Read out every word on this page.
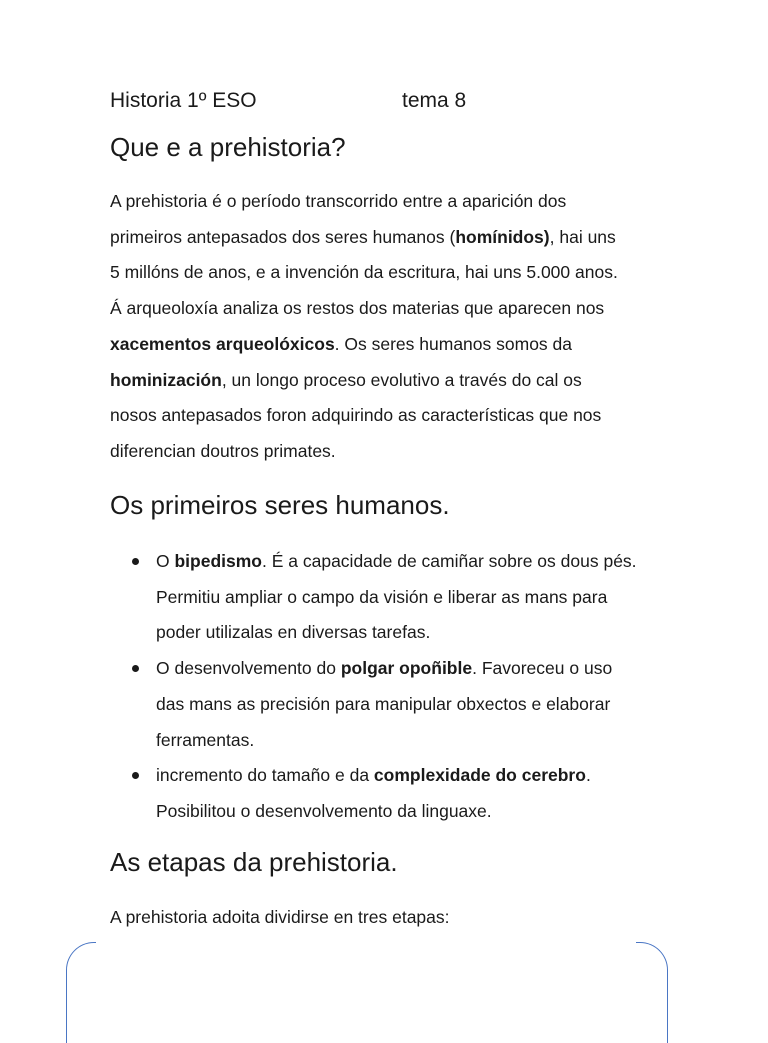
Historia 1º ESO	tema 8
Que e a prehistoria?

A prehistoria é o período transcorrido entre a aparición dos
primeiros antepasados dos seres humanos (homínidos), hai uns
5 millóns de anos, e a invención da escritura, hai uns 5.000 anos.
Á arqueoloxía analiza os restos dos materias que aparecen nos
xacementos arqueolóxicos. Os seres humanos somos da
hominización, un longo proceso evolutivo a través do cal os
nosos antepasados foron adquirindo as características que nos
diferencian doutros primates.

Os primeiros seres humanos.
O bipedismo. É a capacidade de camiñar sobre os dous pés.
Permitiu ampliar o campo da visión e liberar as mans para
poder utilizalas en diversas tarefas.
O desenvolvemento do polgar opoñible. Favoreceu o uso
das mans as precisión para manipular obxectos e elaborar
ferramentas.
incremento do tamaño e da complexidade do cerebro.
Posibilitou o desenvolvemento da linguaxe.
As etapas da prehistoria.

A prehistoria adoita dividirse en tres etapas:
